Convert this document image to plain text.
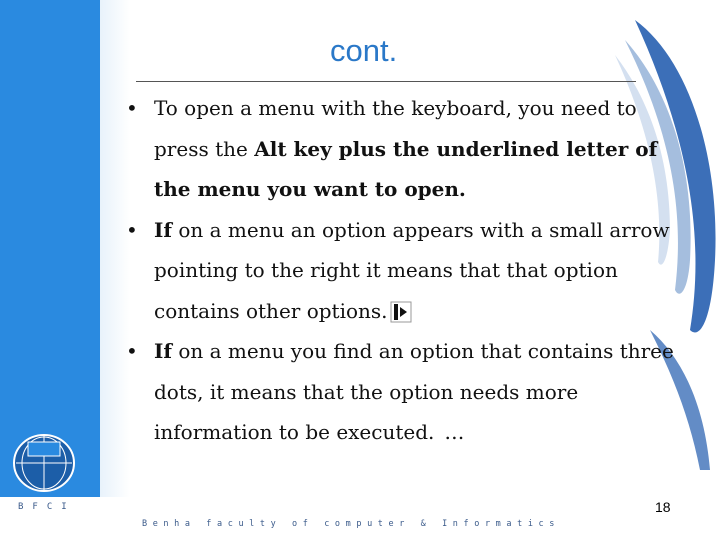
BFCI
cont.
• To open a menu with the keyboard, you need to press the Alt key plus the underlined letter of the menu you want to open.
• If on a menu an option appears with a small arrow pointing to the right it means that that option contains other options.
• If on a menu you find an option that contains three dots, it means that the option needs more information to be executed. …
18
Benha faculty of computer & Informatics
